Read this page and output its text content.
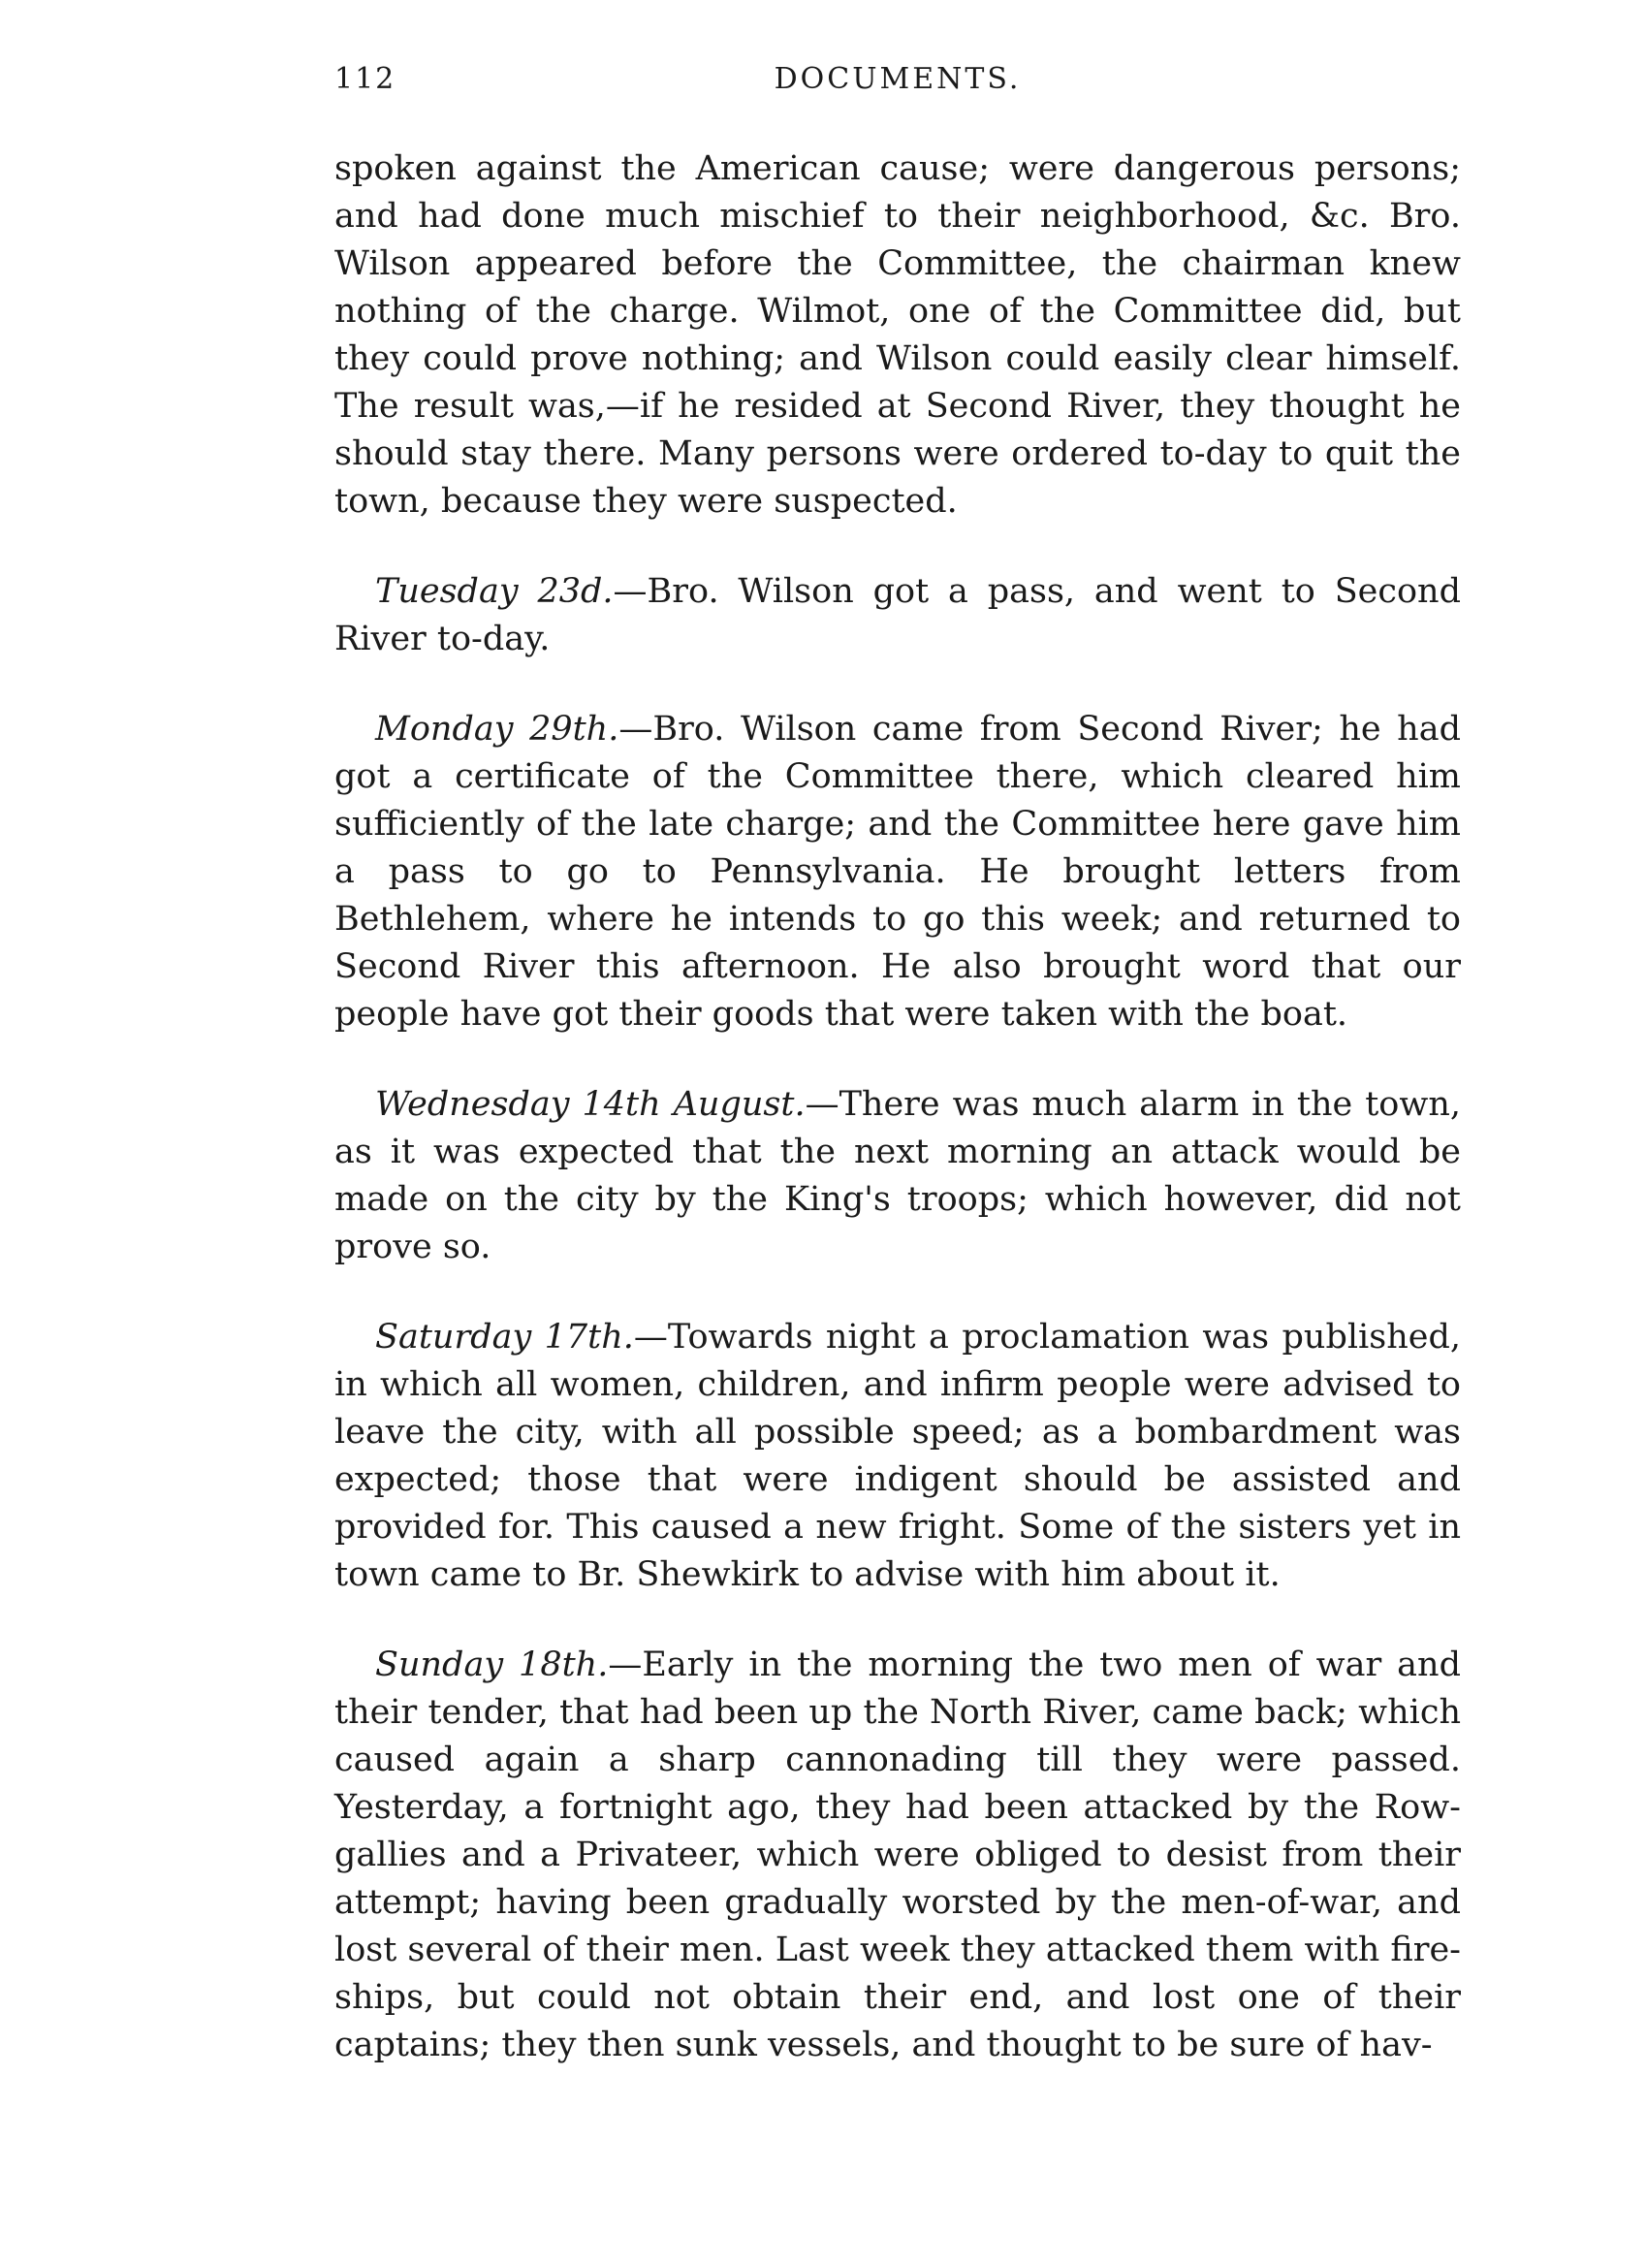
112	DOCUMENTS.

spoken against the American cause; were dangerous persons; and had done much mischief to their neighborhood, &c. Bro. Wilson appeared before the Committee, the chairman knew nothing of the charge. Wilmot, one of the Committee did, but they could prove nothing; and Wilson could easily clear himself. The result was,—if he resided at Second River, they thought he should stay there. Many persons were ordered to-day to quit the town, because they were suspected.

Tuesday 23d.—Bro. Wilson got a pass, and went to Second River to-day.

Monday 29th.—Bro. Wilson came from Second River; he had got a certificate of the Committee there, which cleared him sufficiently of the late charge; and the Committee here gave him a pass to go to Pennsylvania. He brought letters from Bethlehem, where he intends to go this week; and returned to Second River this afternoon. He also brought word that our people have got their goods that were taken with the boat.

Wednesday 14th August.—There was much alarm in the town, as it was expected that the next morning an attack would be made on the city by the King's troops; which however, did not prove so.

Saturday 17th.—Towards night a proclamation was published, in which all women, children, and infirm people were advised to leave the city, with all possible speed; as a bombardment was expected; those that were indigent should be assisted and provided for. This caused a new fright. Some of the sisters yet in town came to Br. Shewkirk to advise with him about it.

Sunday 18th.—Early in the morning the two men of war and their tender, that had been up the North River, came back; which caused again a sharp cannonading till they were passed. Yesterday, a fortnight ago, they had been attacked by the Row-gallies and a Privateer, which were obliged to desist from their attempt; having been gradually worsted by the men-of-war, and lost several of their men. Last week they attacked them with fire-ships, but could not obtain their end, and lost one of their captains; they then sunk vessels, and thought to be sure of hav-
